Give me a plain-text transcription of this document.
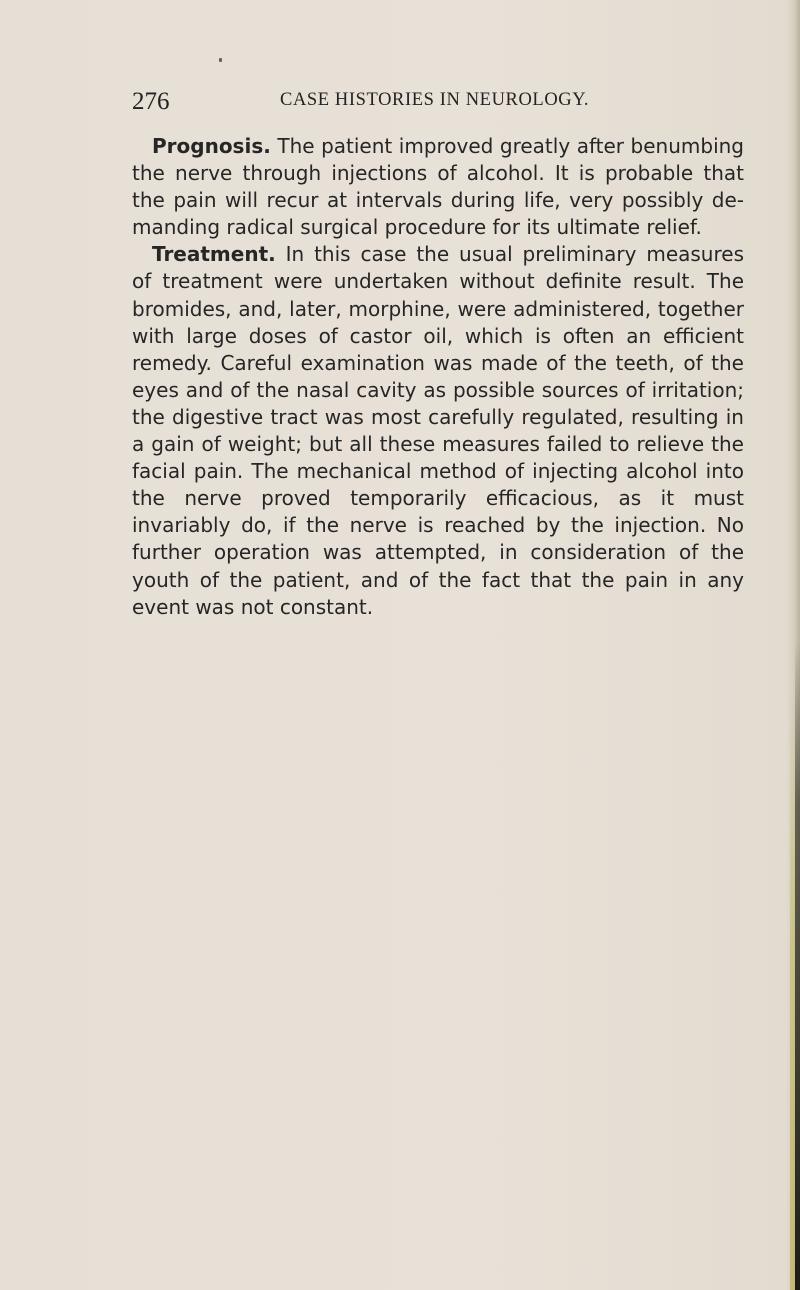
276	CASE HISTORIES IN NEUROLOGY.

Prognosis. The patient improved greatly after benumbing the nerve through injections of alcohol. It is probable that the pain will recur at intervals during life, very possibly de-manding radical surgical procedure for its ultimate relief.

Treatment. In this case the usual preliminary measures of treatment were undertaken without definite result. The bromides, and, later, morphine, were administered, together with large doses of castor oil, which is often an efficient remedy. Careful examination was made of the teeth, of the eyes and of the nasal cavity as possible sources of irritation; the digestive tract was most carefully regulated, resulting in a gain of weight; but all these measures failed to relieve the facial pain. The mechanical method of injecting alcohol into the nerve proved temporarily efficacious, as it must invariably do, if the nerve is reached by the injection. No further operation was attempted, in consideration of the youth of the patient, and of the fact that the pain in any event was not constant.
